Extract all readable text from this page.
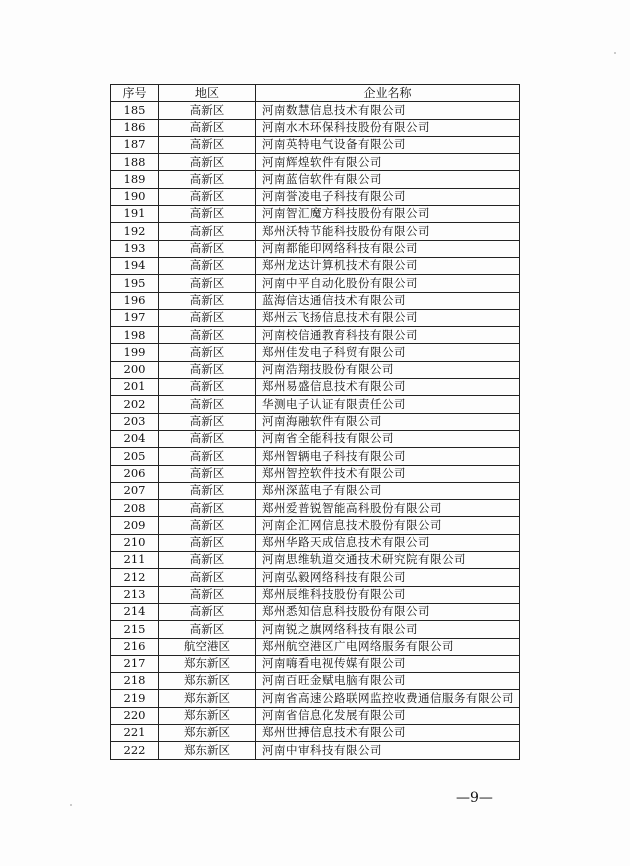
序号	地区	企业名称
185	高新区	河南数慧信息技术有限公司
186	高新区	河南水木环保科技股份有限公司
187	高新区	河南英特电气设备有限公司
188	高新区	河南辉煌软件有限公司
189	高新区	河南蓝信软件有限公司
190	高新区	河南誉凌电子科技有限公司
191	高新区	河南智汇魔方科技股份有限公司
192	高新区	郑州沃特节能科技股份有限公司
193	高新区	河南都能印网络科技有限公司
194	高新区	郑州龙达计算机技术有限公司
195	高新区	河南中平自动化股份有限公司
196	高新区	蓝海信达通信技术有限公司
197	高新区	郑州云飞扬信息技术有限公司
198	高新区	河南校信通教育科技有限公司
199	高新区	郑州佳发电子科贸有限公司
200	高新区	河南浩翔技股份有限公司
201	高新区	郑州易盛信息技术有限公司
202	高新区	华测电子认证有限责任公司
203	高新区	河南海融软件有限公司
204	高新区	河南省全能科技有限公司
205	高新区	郑州智辆电子科技有限公司
206	高新区	郑州智控软件技术有限公司
207	高新区	郑州深蓝电子有限公司
208	高新区	郑州爱普锐智能高科股份有限公司
209	高新区	河南企汇网信息技术股份有限公司
210	高新区	郑州华路天成信息技术有限公司
211	高新区	河南思维轨道交通技术研究院有限公司
212	高新区	河南弘毅网络科技有限公司
213	高新区	郑州辰维科技股份有限公司
214	高新区	郑州悉知信息科技股份有限公司
215	高新区	河南锐之旗网络科技有限公司
216	航空港区	郑州航空港区广电网络服务有限公司
217	郑东新区	河南嗨看电视传媒有限公司
218	郑东新区	河南百旺金赋电脑有限公司
219	郑东新区	河南省高速公路联网监控收费通信服务有限公司
220	郑东新区	河南省信息化发展有限公司
221	郑东新区	郑州世搏信息技术有限公司
222	郑东新区	河南中审科技有限公司
—9—
